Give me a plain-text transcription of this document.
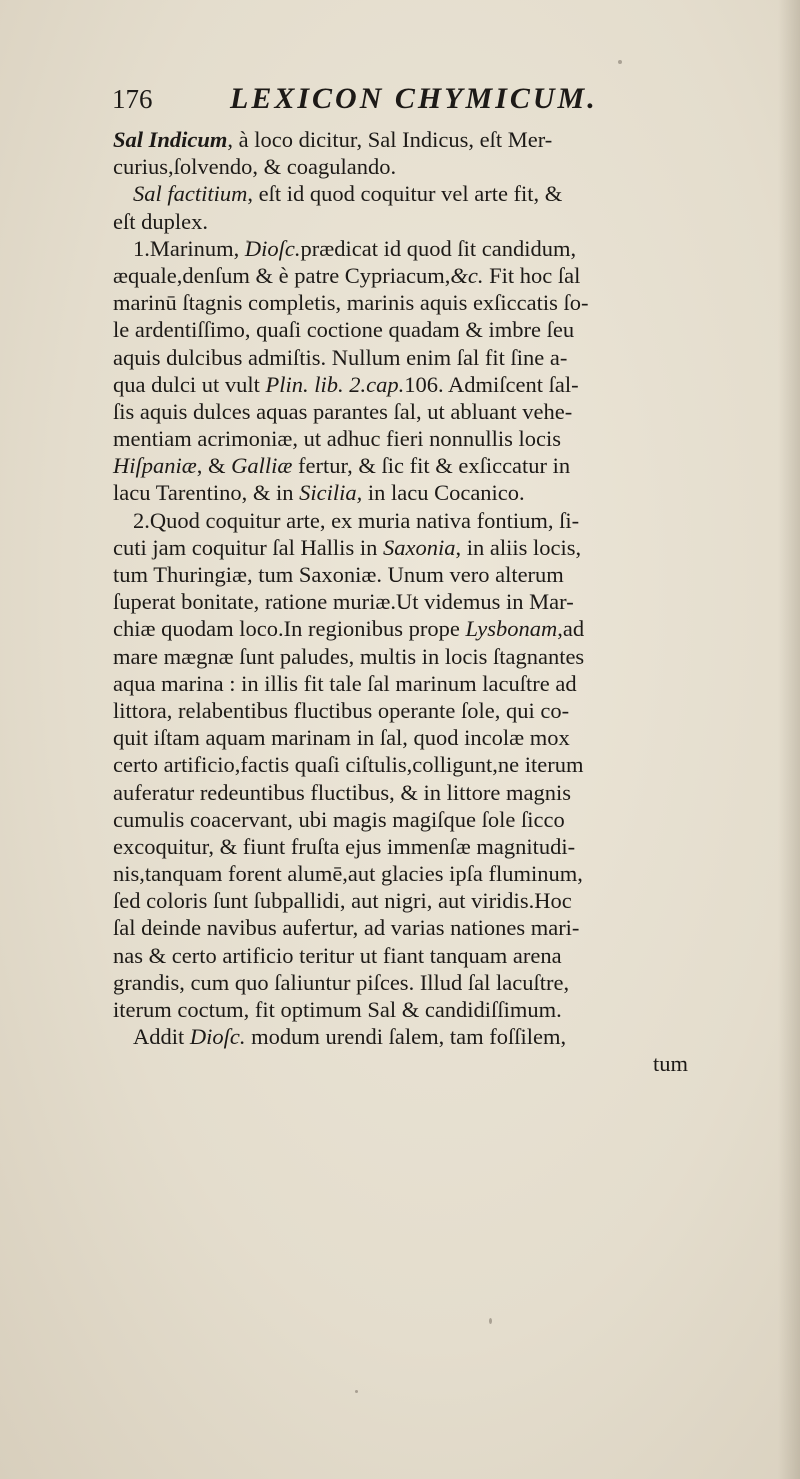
176	LEXICON CHYMICUM.
Sal Indicum, à loco dicitur, Sal Indicus, eſt Mer-
curius,ſolvendo, & coagulando.
Sal factitium, eſt id quod coquitur vel arte fit, &
eſt duplex.
1.Marinum, Dioſc.prædicat id quod ſit candidum,
æquale,denſum & è patre Cypriacum,&c. Fit hoc ſal
marinū ſtagnis completis, marinis aquis exſiccatis ſo-
le ardentiſſimo, quaſi coctione quadam & imbre ſeu
aquis dulcibus admiſtis. Nullum enim ſal fit ſine a-
qua dulci ut vult Plin. lib. 2.cap.106. Admiſcent ſal-
ſis aquis dulces aquas parantes ſal, ut abluant vehe-
mentiam acrimoniæ, ut adhuc fieri nonnullis locis
Hiſpaniæ, & Galliæ fertur, & ſic fit & exſiccatur in
lacu Tarentino, & in Sicilia, in lacu Cocanico.
2.Quod coquitur arte, ex muria nativa fontium, ſi-
cuti jam coquitur ſal Hallis in Saxonia, in aliis locis,
tum Thuringiæ, tum Saxoniæ. Unum vero alterum
ſuperat bonitate, ratione muriæ.Ut videmus in Mar-
chiæ quodam loco.In regionibus prope Lysbonam,ad
mare mægnæ ſunt paludes, multis in locis ſtagnantes
aqua marina : in illis fit tale ſal marinum lacuſtre ad
littora, relabentibus fluctibus operante ſole, qui co-
quit iſtam aquam marinam in ſal, quod incolæ mox
certo artificio,factis quaſi ciſtulis,colligunt,ne iterum
auferatur redeuntibus fluctibus, & in littore magnis
cumulis coacervant, ubi magis magiſque ſole ſicco
excoquitur, & fiunt fruſta ejus immenſæ magnitudi-
nis,tanquam forent alumē,aut glacies ipſa fluminum,
ſed coloris ſunt ſubpallidi, aut nigri, aut viridis.Hoc
ſal deinde navibus aufertur, ad varias nationes mari-
nas & certo artificio teritur ut fiant tanquam arena
grandis, cum quo ſaliuntur piſces. Illud ſal lacuſtre,
iterum coctum, fit optimum Sal & candidiſſimum.
Addit Dioſc. modum urendi ſalem, tam foſſilem,
tum
